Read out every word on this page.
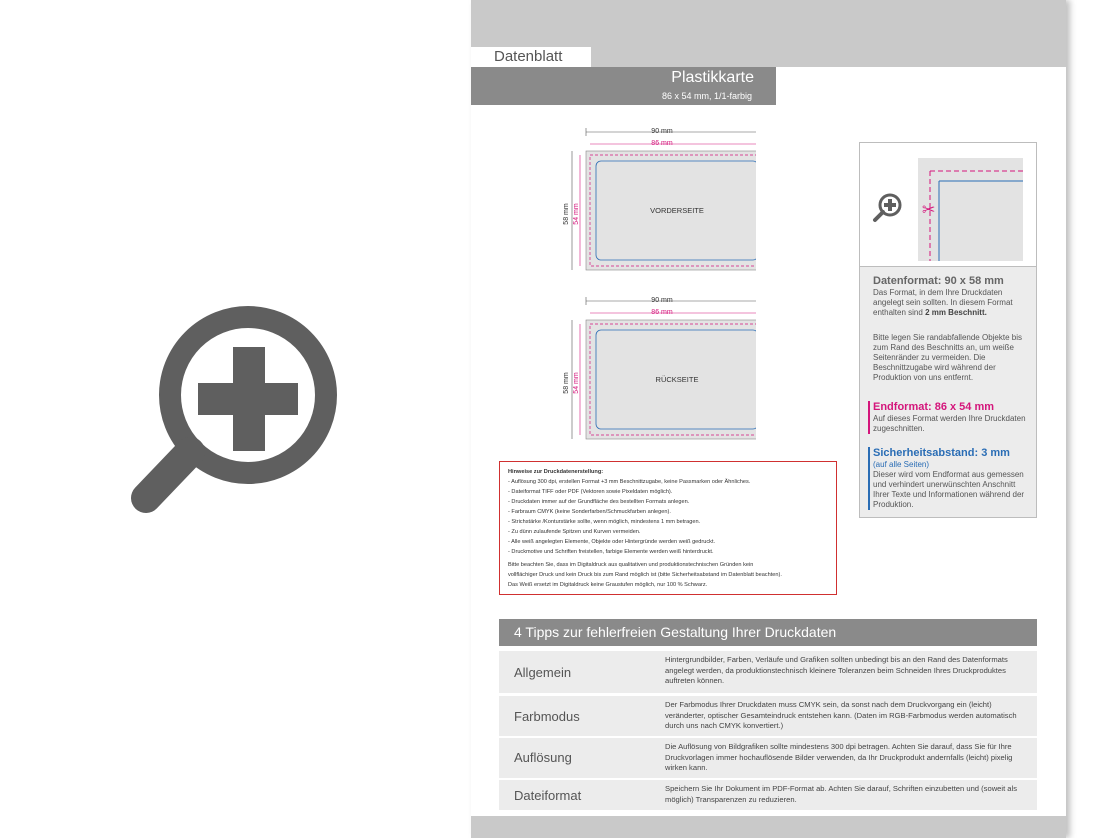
Datenblatt
Plastikkarte
86 x 54 mm, 1/1-farbig
90 mm
86 mm
VORDERSEITE
58 mm 54 mm
90 mm
86 mm
RÜCKSEITE
58 mm 54 mm
✂
Datenformat: 90 x 58 mm
Das Format, in dem Ihre Druckdaten angelegt sein sollten. In diesem Format enthalten sind 2 mm Beschnitt.
Bitte legen Sie randabfallende Objekte bis zum Rand des Beschnitts an, um weiße Seitenränder zu vermeiden. Die Beschnittzugabe wird während der Produktion von uns entfernt.
Endformat: 86 x 54 mm
Auf dieses Format werden Ihre Druckdaten zugeschnitten.
Sicherheitsabstand: 3 mm
(auf alle Seiten)
Dieser wird vom Endformat aus gemessen und verhindert unerwünschten Anschnitt Ihrer Texte und Informationen während der Produktion.
Hinweise zur Druckdatenerstellung:
- Auflösung 300 dpi, erstellen Format +3 mm Beschnittzugabe, keine Passmarken oder Ähnliches.
- Dateiformat TIFF oder PDF (Vektoren sowie Pixeldaten möglich).
- Druckdaten immer auf der Grundfläche des bestellten Formats anlegen.
- Farbraum CMYK (keine Sonderfarben/Schmuckfarben anlegen).
- Strichstärke /Konturstärke sollte, wenn möglich, mindestens 1 mm betragen.
- Zu dünn zulaufende Spitzen und Kurven vermeiden.
- Alle weiß angelegten Elemente, Objekte oder Hintergründe werden weiß gedruckt.
- Druckmotive und Schriften freistellen, farbige Elemente werden weiß hinterdruckt.
Bitte beachten Sie, dass im Digitaldruck aus qualitativen und produktionstechnischen Gründen kein
vollflächiger Druck und kein Druck bis zum Rand möglich ist (bitte Sicherheitsabstand im Datenblatt beachten).
Das Weiß ersetzt im Digitaldruck keine Graustufen möglich, nur 100 % Schwarz.
4 Tipps zur fehlerfreien Gestaltung Ihrer Druckdaten
Allgemein
Hintergrundbilder, Farben, Verläufe und Grafiken sollten unbedingt bis an den Rand des Datenformats angelegt werden, da produktionstechnisch kleinere Toleranzen beim Schneiden Ihres Druckproduktes auftreten können.
Farbmodus
Der Farbmodus Ihrer Druckdaten muss CMYK sein, da sonst nach dem Druckvorgang ein (leicht) veränderter, optischer Gesamteindruck entstehen kann. (Daten im RGB-Farbmodus werden automatisch durch uns nach CMYK konvertiert.)
Auflösung
Die Auflösung von Bildgrafiken sollte mindestens 300 dpi betragen. Achten Sie darauf, dass Sie für Ihre Druckvorlagen immer hochauflösende Bilder verwenden, da Ihr Druckprodukt andernfalls (leicht) pixelig wirken kann.
Dateiformat	Speichern Sie Ihr Dokument im PDF-Format ab. Achten Sie darauf, Schriften einzubetten und (soweit als möglich) Transparenzen zu reduzieren.
